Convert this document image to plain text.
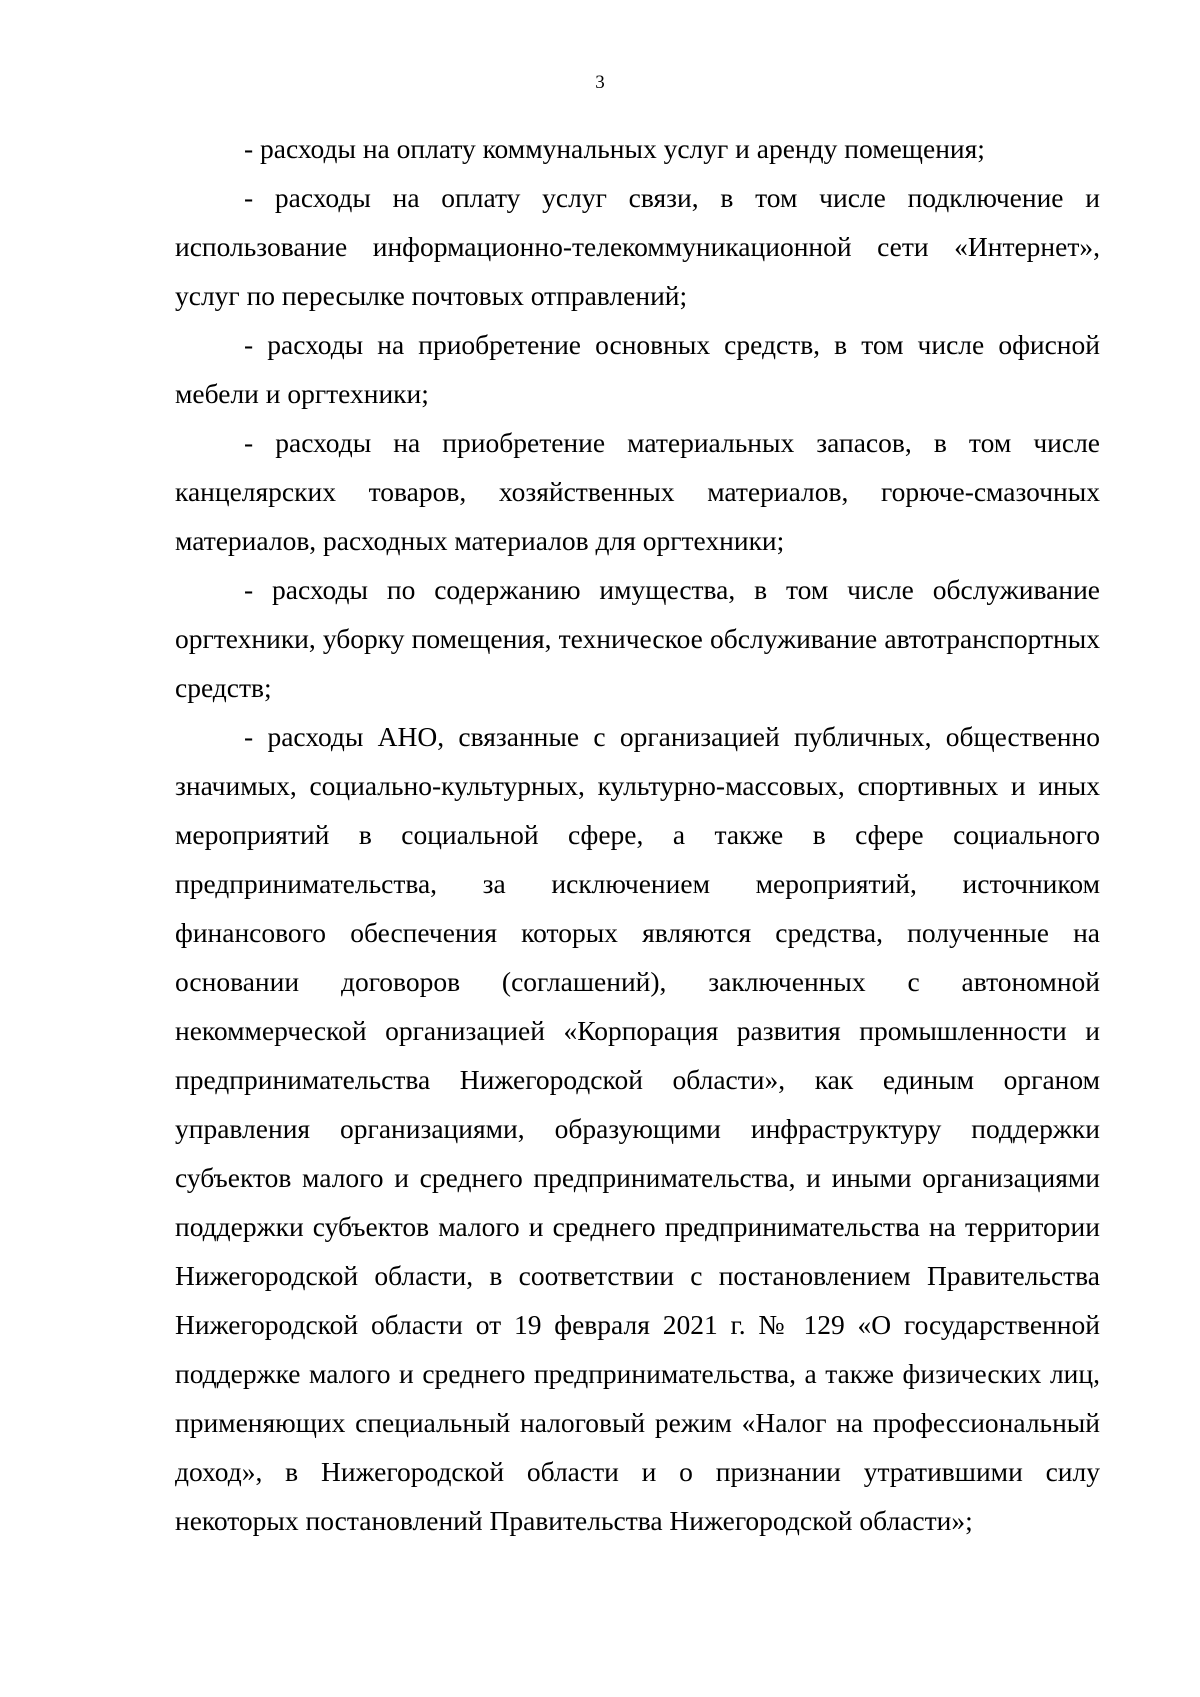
3

- расходы на оплату коммунальных услуг и аренду помещения;

- расходы на оплату услуг связи, в том числе подключение и использование информационно-телекоммуникационной сети «Интернет», услуг по пересылке почтовых отправлений;

- расходы на приобретение основных средств, в том числе офисной мебели и оргтехники;

- расходы на приобретение материальных запасов, в том числе канцелярских товаров, хозяйственных материалов, горюче-смазочных материалов, расходных материалов для оргтехники;

- расходы по содержанию имущества, в том числе обслуживание оргтехники, уборку помещения, техническое обслуживание автотранспортных средств;

- расходы АНО, связанные с организацией публичных, общественно значимых, социально-культурных, культурно-массовых, спортивных и иных мероприятий в социальной сфере, а также в сфере социального предпринимательства, за исключением мероприятий, источником финансового обеспечения которых являются средства, полученные на основании договоров (соглашений), заключенных с автономной некоммерческой организацией «Корпорация развития промышленности и предпринимательства Нижегородской области», как единым органом управления организациями, образующими инфраструктуру поддержки субъектов малого и среднего предпринимательства, и иными организациями поддержки субъектов малого и среднего предпринимательства на территории Нижегородской области, в соответствии с постановлением Правительства Нижегородской области от 19 февраля 2021 г. № 129 «О государственной поддержке малого и среднего предпринимательства, а также физических лиц, применяющих специальный налоговый режим «Налог на профессиональный доход», в Нижегородской области и о признании утратившими силу некоторых постановлений Правительства Нижегородской области»;
